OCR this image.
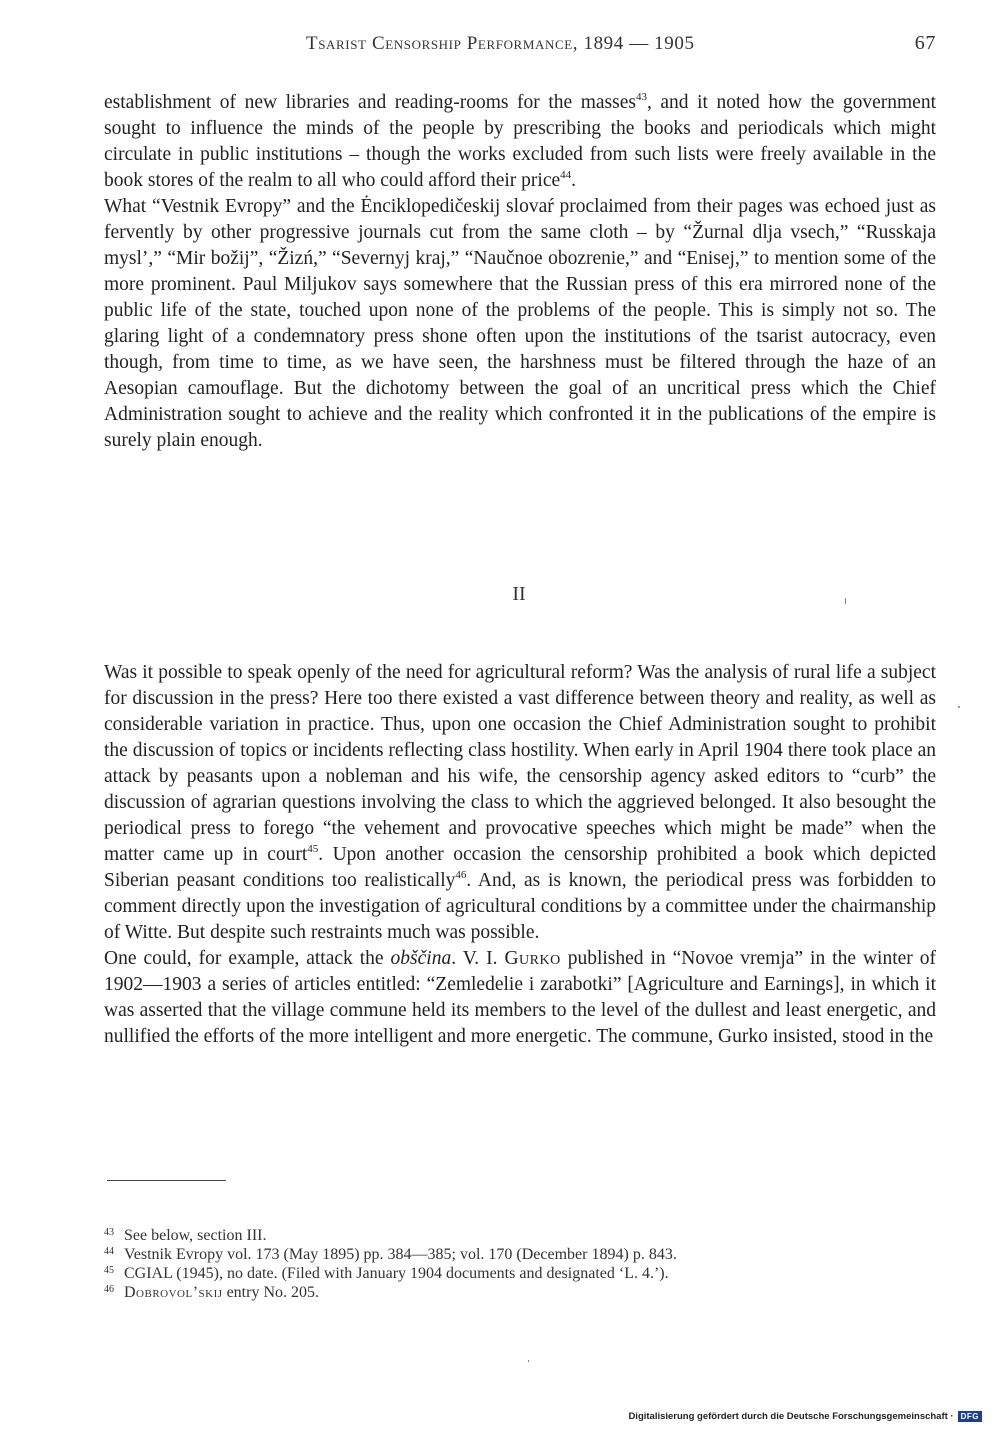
Tsarist Censorship Performance, 1894 — 1905	67

establishment of new libraries and reading-rooms for the masses$^{43}$, and it noted how the government sought to influence the minds of the people by prescribing the books and periodicals which might circulate in public institutions – though the works excluded from such lists were freely available in the book stores of the realm to all who could afford their price$^{44}$.

What “Vestnik Evropy” and the Ėnciklopedičeskij slovaŕ proclaimed from their pages was echoed just as fervently by other progressive journals cut from the same cloth – by “Žurnal dlja vsech,” “Russkaja mysl’,” “Mir božij”, “Žizń,” “Severnyj kraj,” “Naučnoe obozrenie,” and “Enisej,” to mention some of the more prominent. Paul Miljukov says somewhere that the Russian press of this era mirrored none of the public life of the state, touched upon none of the problems of the people. This is simply not so. The glaring light of a condemnatory press shone often upon the institutions of the tsarist autocracy, even though, from time to time, as we have seen, the harshness must be filtered through the haze of an Aesopian camouflage. But the dichotomy between the goal of an uncritical press which the Chief Administration sought to achieve and the reality which confronted it in the publications of the empire is surely plain enough.

II

Was it possible to speak openly of the need for agricultural reform? Was the analysis of rural life a subject for discussion in the press? Here too there existed a vast difference between theory and reality, as well as considerable variation in practice. Thus, upon one occasion the Chief Administration sought to prohibit the discussion of topics or incidents reflecting class hostility. When early in April 1904 there took place an attack by peasants upon a nobleman and his wife, the censorship agency asked editors to “curb” the discussion of agrarian questions involving the class to which the aggrieved belonged. It also besought the periodical press to forego “the vehement and provocative speeches which might be made” when the matter came up in court$^{45}$. Upon another occasion the censorship prohibited a book which depicted Siberian peasant conditions too realistically$^{46}$. And, as is known, the periodical press was forbidden to comment directly upon the investigation of agricultural conditions by a committee under the chairmanship of Witte. But despite such restraints much was possible.

One could, for example, attack the obščina. V. I. Gurko published in “Novoe vremja” in the winter of 1902—1903 a series of articles entitled: “Zemledelie i zarabotki” [Agriculture and Earnings], in which it was asserted that the village commune held its members to the level of the dullest and least energetic, and nullified the efforts of the more intelligent and more energetic. The commune, Gurko insisted, stood in the

43 See below, section III.
44 Vestnik Evropy vol. 173 (May 1895) pp. 384—385; vol. 170 (December 1894) p. 843.
45 CGIAL (1945), no date. (Filed with January 1904 documents and designated ‘L. 4.’).
46 Dobrovol’skij entry No. 205.
Digitalisierung gefördert durch die Deutsche Forschungsgemeinschaft · DFG
